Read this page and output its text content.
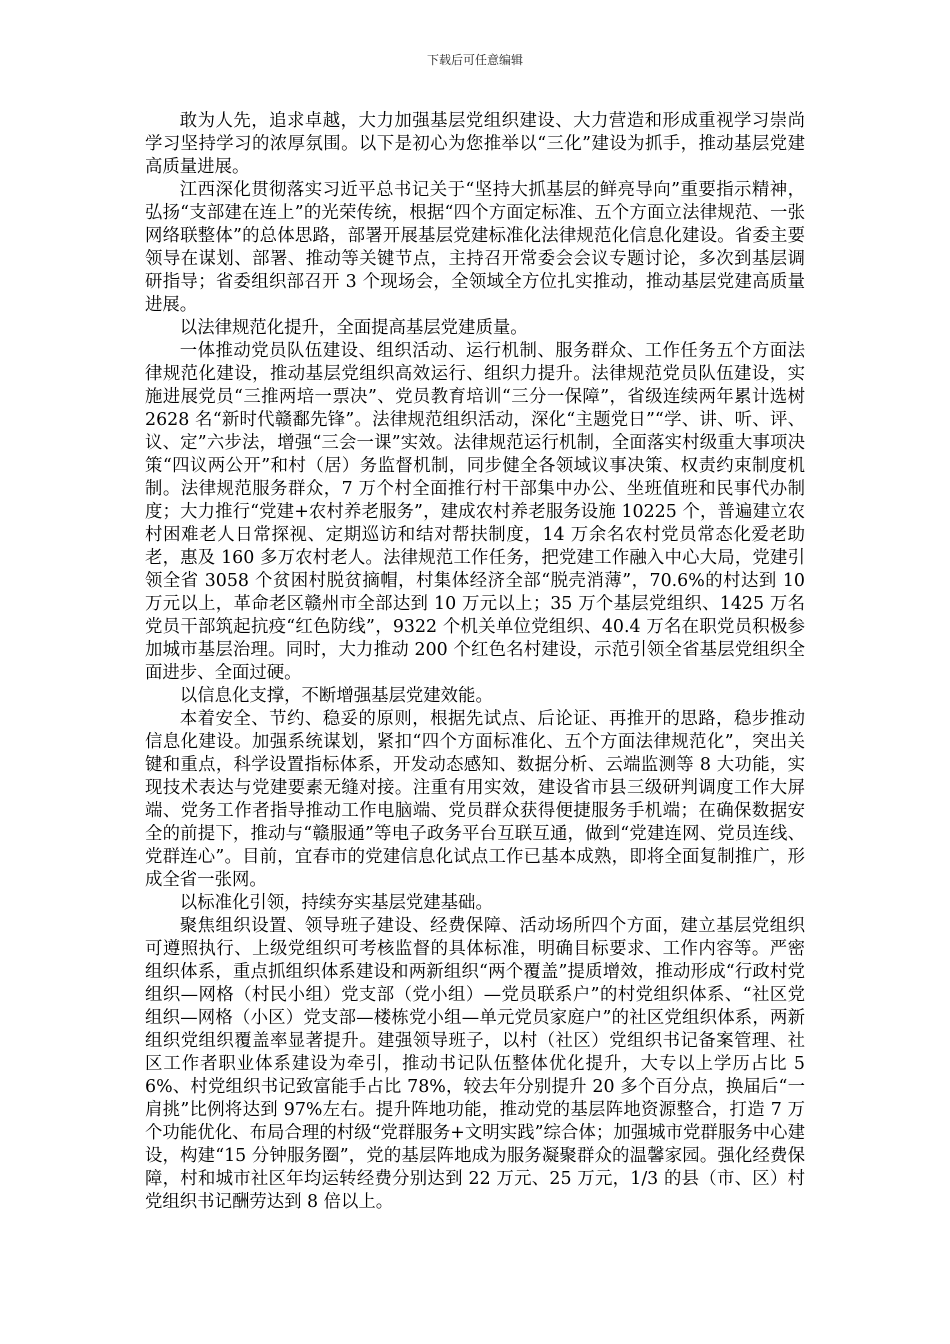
下载后可任意编辑

敢为人先，追求卓越，大力加强基层党组织建设、大力营造和形成重视学习崇尚学习坚持学习的浓厚氛围。以下是初心为您推举以“三化”建设为抓手，推动基层党建高质量进展。

江西深化贯彻落实习近平总书记关于“坚持大抓基层的鲜亮导向”重要指示精神，弘扬“支部建在连上”的光荣传统，根据“四个方面定标准、五个方面立法律规范、一张网络联整体”的总体思路，部署开展基层党建标准化法律规范化信息化建设。省委主要领导在谋划、部署、推动等关键节点，主持召开常委会会议专题讨论，多次到基层调研指导；省委组织部召开 3 个现场会，全领域全方位扎实推动，推动基层党建高质量进展。

以法律规范化提升，全面提高基层党建质量。

一体推动党员队伍建设、组织活动、运行机制、服务群众、工作任务五个方面法律规范化建设，推动基层党组织高效运行、组织力提升。法律规范党员队伍建设，实施进展党员“三推两培一票决”、党员教育培训“三分一保障”，省级连续两年累计选树 2628 名“新时代赣鄱先锋”。法律规范组织活动，深化“主题党日”“学、讲、听、评、议、定”六步法，增强“三会一课”实效。法律规范运行机制，全面落实村级重大事项决策“四议两公开”和村（居）务监督机制，同步健全各领域议事决策、权责约束制度机制。法律规范服务群众，7 万个村全面推行村干部集中办公、坐班值班和民事代办制度；大力推行“党建+农村养老服务”，建成农村养老服务设施 10225 个，普遍建立农村困难老人日常探视、定期巡访和结对帮扶制度，14 万余名农村党员常态化爱老助老，惠及 160 多万农村老人。法律规范工作任务，把党建工作融入中心大局，党建引领全省 3058 个贫困村脱贫摘帽，村集体经济全部“脱壳消薄”，70.6%的村达到 10 万元以上，革命老区赣州市全部达到 10 万元以上；35 万个基层党组织、1425 万名党员干部筑起抗疫“红色防线”，9322 个机关单位党组织、40.4 万名在职党员积极参加城市基层治理。同时，大力推动 200 个红色名村建设，示范引领全省基层党组织全面进步、全面过硬。

以信息化支撑，不断增强基层党建效能。

本着安全、节约、稳妥的原则，根据先试点、后论证、再推开的思路，稳步推动信息化建设。加强系统谋划，紧扣“四个方面标准化、五个方面法律规范化”，突出关键和重点，科学设置指标体系，开发动态感知、数据分析、云端监测等 8 大功能，实现技术表达与党建要素无缝对接。注重有用实效，建设省市县三级研判调度工作大屏端、党务工作者指导推动工作电脑端、党员群众获得便捷服务手机端；在确保数据安全的前提下，推动与“赣服通”等电子政务平台互联互通，做到“党建连网、党员连线、党群连心”。目前，宜春市的党建信息化试点工作已基本成熟，即将全面复制推广，形成全省一张网。

以标准化引领，持续夯实基层党建基础。

聚焦组织设置、领导班子建设、经费保障、活动场所四个方面，建立基层党组织可遵照执行、上级党组织可考核监督的具体标准，明确目标要求、工作内容等。严密组织体系，重点抓组织体系建设和两新组织“两个覆盖”提质增效，推动形成“行政村党组织—网格（村民小组）党支部（党小组）—党员联系户”的村党组织体系、“社区党组织—网格（小区）党支部—楼栋党小组—单元党员家庭户”的社区党组织体系，两新组织党组织覆盖率显著提升。建强领导班子，以村（社区）党组织书记备案管理、社区工作者职业体系建设为牵引，推动书记队伍整体优化提升，大专以上学历占比 56%、村党组织书记致富能手占比 78%，较去年分别提升 20 多个百分点，换届后“一肩挑”比例将达到 97%左右。提升阵地功能，推动党的基层阵地资源整合，打造 7 万个功能优化、布局合理的村级“党群服务+文明实践”综合体；加强城市党群服务中心建设，构建“15 分钟服务圈”，党的基层阵地成为服务凝聚群众的温馨家园。强化经费保障，村和城市社区年均运转经费分别达到 22 万元、25 万元，1/3 的县（市、区）村党组织书记酬劳达到 8 倍以上。
